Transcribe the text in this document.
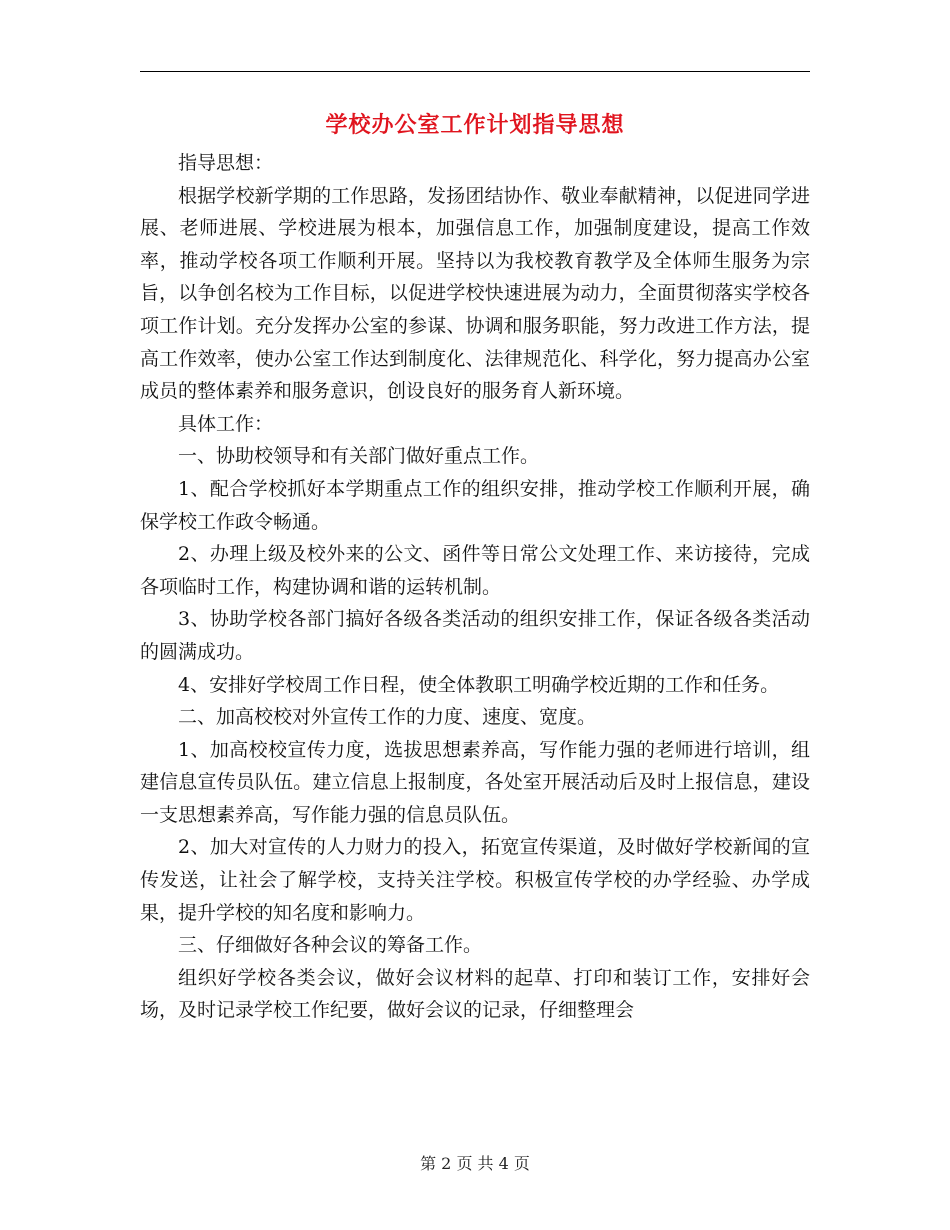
学校办公室工作计划指导思想

指导思想：

根据学校新学期的工作思路，发扬团结协作、敬业奉献精神，以促进同学进展、老师进展、学校进展为根本，加强信息工作，加强制度建设，提高工作效率，推动学校各项工作顺利开展。坚持以为我校教育教学及全体师生服务为宗旨，以争创名校为工作目标，以促进学校快速进展为动力，全面贯彻落实学校各项工作计划。充分发挥办公室的参谋、协调和服务职能，努力改进工作方法，提高工作效率，使办公室工作达到制度化、法律规范化、科学化，努力提高办公室成员的整体素养和服务意识，创设良好的服务育人新环境。

具体工作：

一、协助校领导和有关部门做好重点工作。

1、配合学校抓好本学期重点工作的组织安排，推动学校工作顺利开展，确保学校工作政令畅通。

2、办理上级及校外来的公文、函件等日常公文处理工作、来访接待，完成各项临时工作，构建协调和谐的运转机制。

3、协助学校各部门搞好各级各类活动的组织安排工作，保证各级各类活动的圆满成功。

4、安排好学校周工作日程，使全体教职工明确学校近期的工作和任务。

二、加高校校对外宣传工作的力度、速度、宽度。

1、加高校校宣传力度，选拔思想素养高，写作能力强的老师进行培训，组建信息宣传员队伍。建立信息上报制度，各处室开展活动后及时上报信息，建设一支思想素养高，写作能力强的信息员队伍。

2、加大对宣传的人力财力的投入，拓宽宣传渠道，及时做好学校新闻的宣传发送，让社会了解学校，支持关注学校。积极宣传学校的办学经验、办学成果，提升学校的知名度和影响力。

三、仔细做好各种会议的筹备工作。

组织好学校各类会议，做好会议材料的起草、打印和装订工作，安排好会场，及时记录学校工作纪要，做好会议的记录，仔细整理会

第 2 页 共 4 页
